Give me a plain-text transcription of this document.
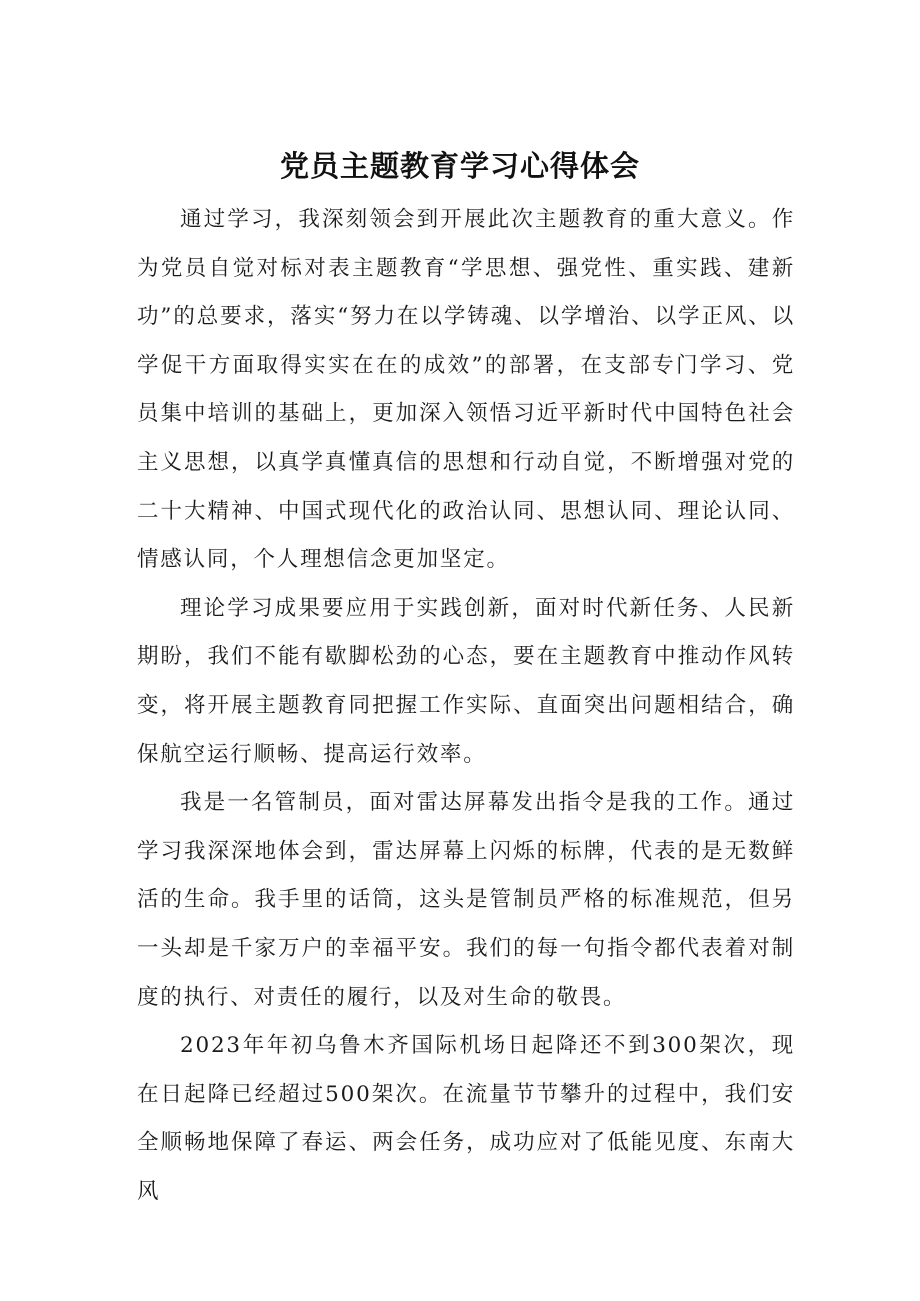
党员主题教育学习心得体会

通过学习，我深刻领会到开展此次主题教育的重大意义。作为党员自觉对标对表主题教育“学思想、强党性、重实践、建新功”的总要求，落实“努力在以学铸魂、以学增治、以学正风、以学促干方面取得实实在在的成效”的部署，在支部专门学习、党员集中培训的基础上，更加深入领悟习近平新时代中国特色社会主义思想，以真学真懂真信的思想和行动自觉，不断增强对党的二十大精神、中国式现代化的政治认同、思想认同、理论认同、情感认同，个人理想信念更加坚定。

理论学习成果要应用于实践创新，面对时代新任务、人民新期盼，我们不能有歇脚松劲的心态，要在主题教育中推动作风转变，将开展主题教育同把握工作实际、直面突出问题相结合，确保航空运行顺畅、提高运行效率。

我是一名管制员，面对雷达屏幕发出指令是我的工作。通过学习我深深地体会到，雷达屏幕上闪烁的标牌，代表的是无数鲜活的生命。我手里的话筒，这头是管制员严格的标准规范，但另一头却是千家万户的幸福平安。我们的每一句指令都代表着对制度的执行、对责任的履行，以及对生命的敬畏。

2023年年初乌鲁木齐国际机场日起降还不到300架次，现在日起降已经超过500架次。在流量节节攀升的过程中，我们安全顺畅地保障了春运、两会任务，成功应对了低能见度、东南大风
